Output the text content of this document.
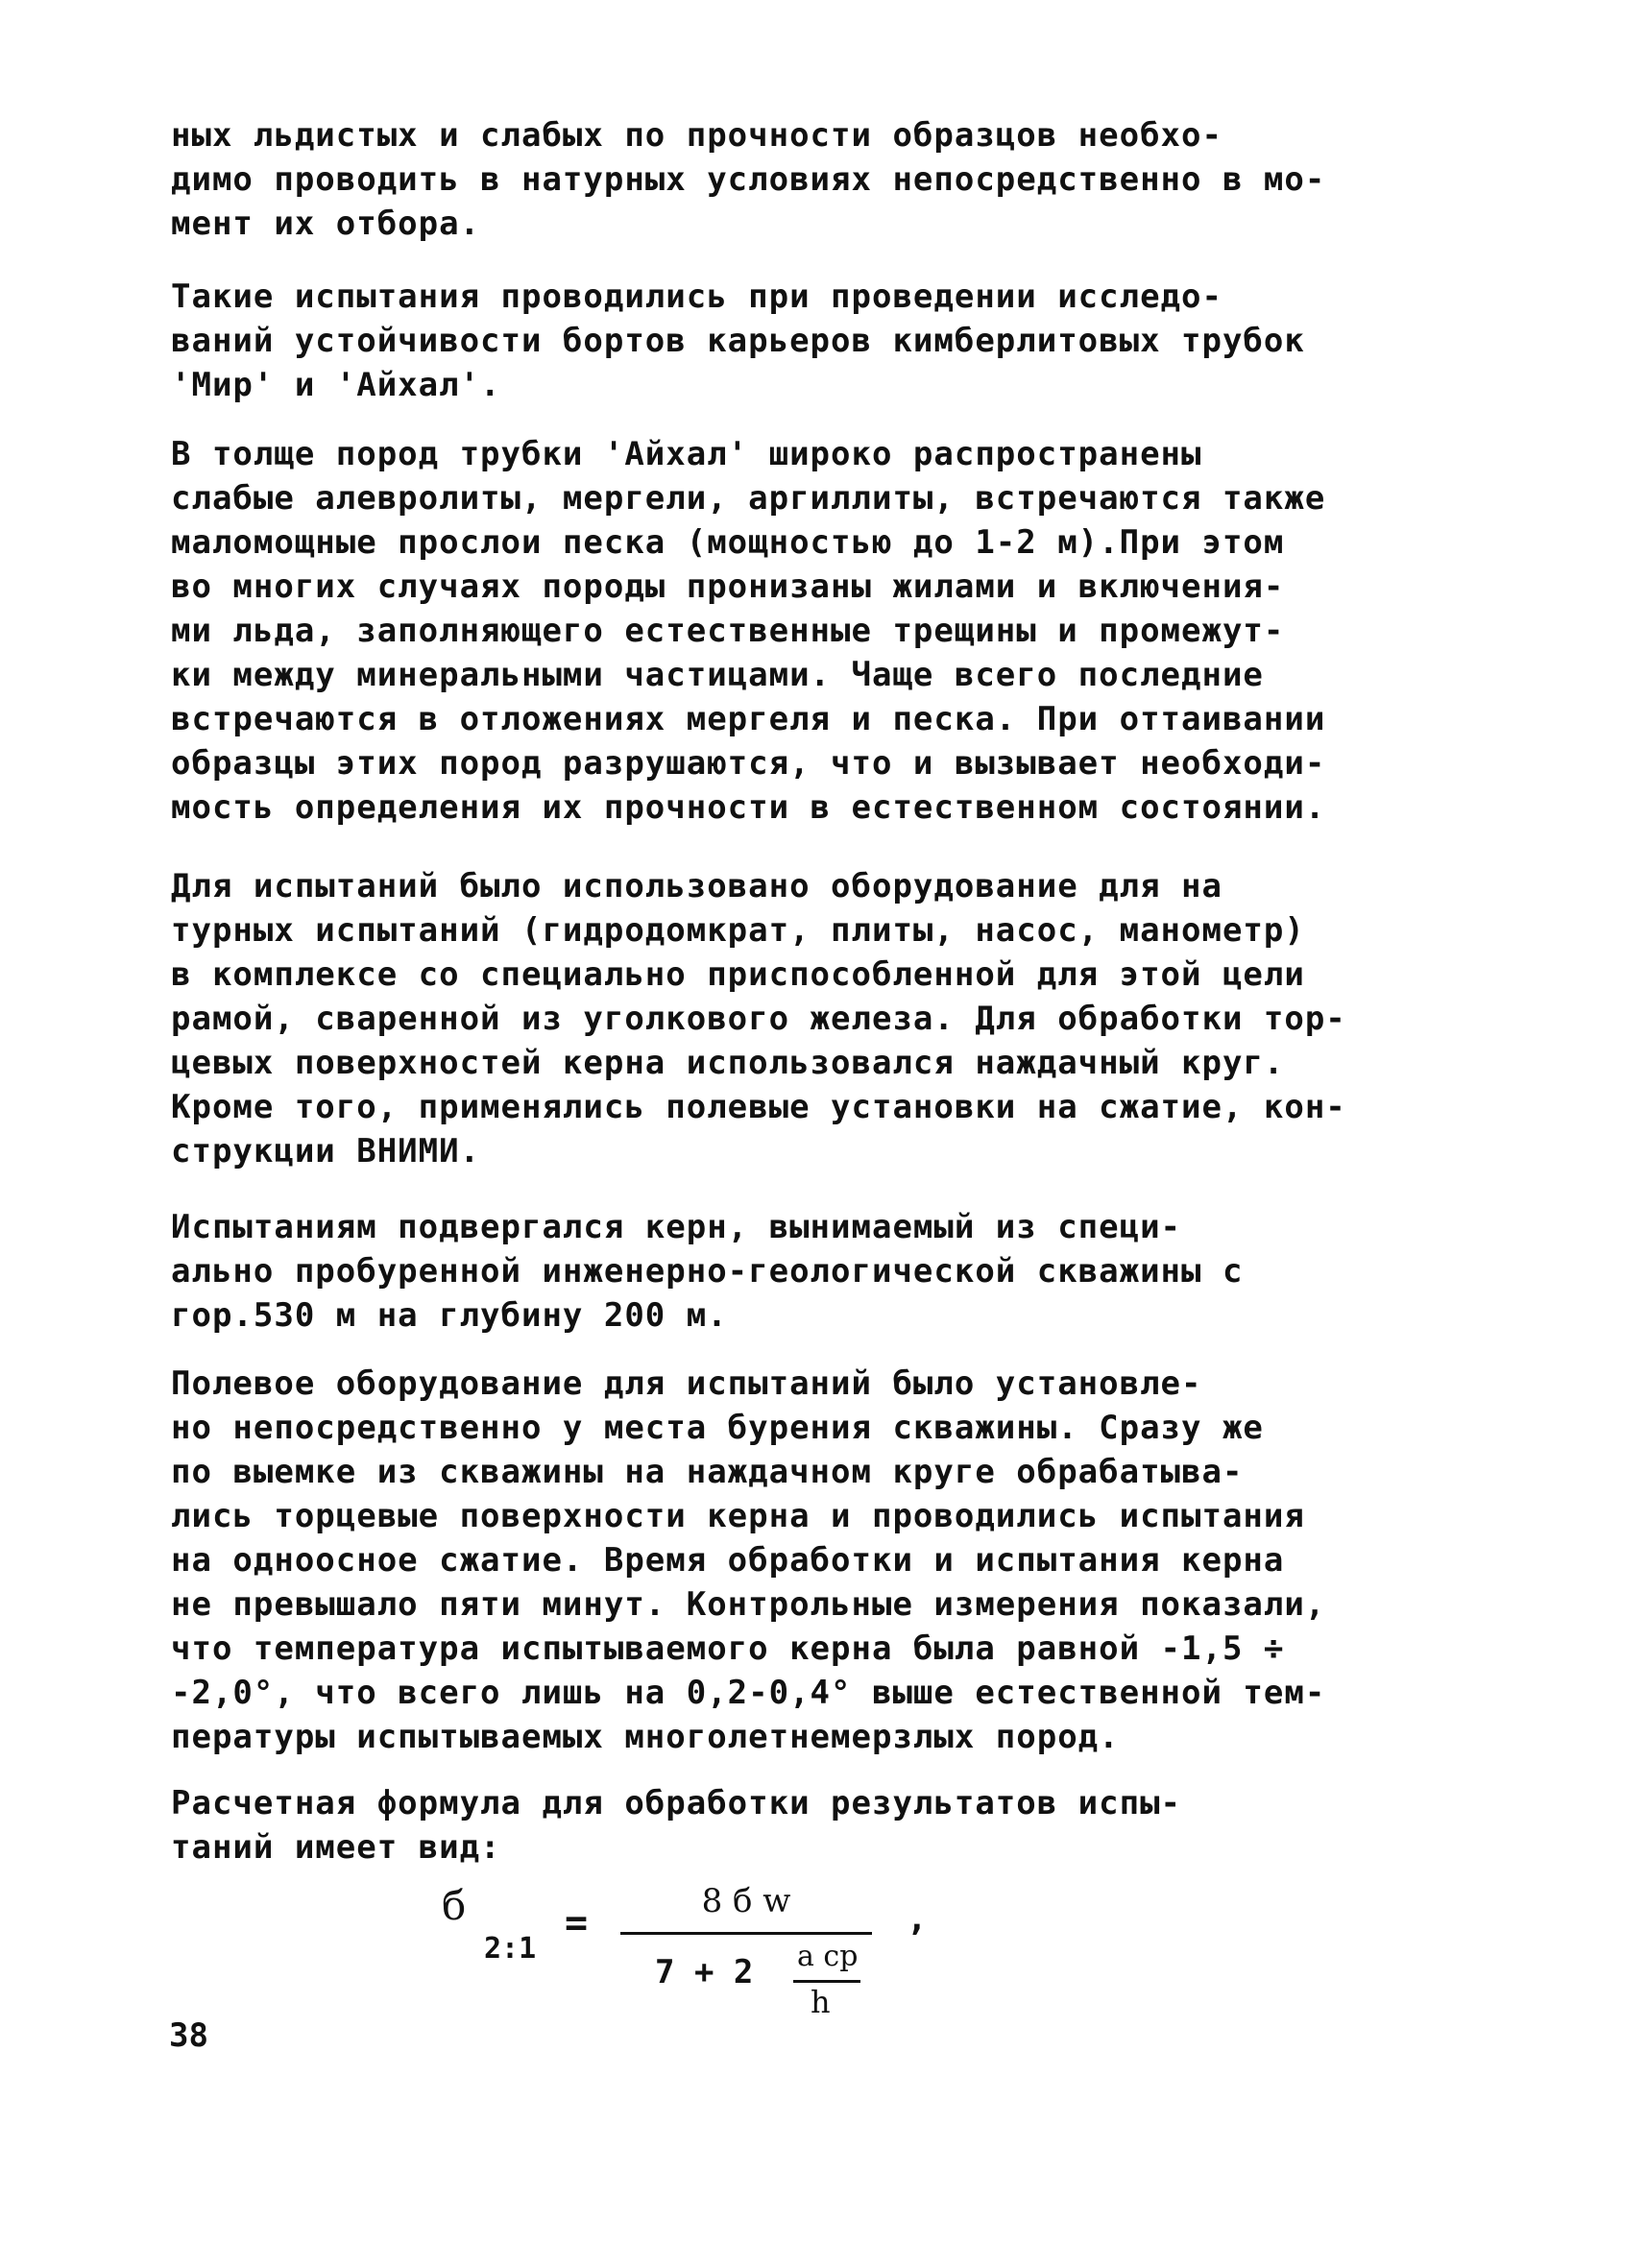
ных льдистых и слабых по прочности образцов необхо-
димо проводить в натурных условиях непосредственно в мо-
мент их отбора.

Такие испытания проводились при проведении исследо-
ваний устойчивости бортов карьеров кимберлитовых трубок
'Мир' и 'Айхал'.

В толще пород трубки 'Айхал' широко распространены
слабые алевролиты, мергели, аргиллиты, встречаются также
маломощные прослои песка (мощностью до 1-2 м).При этом
во многих случаях породы пронизаны жилами и включения-
ми льда, заполняющего естественные трещины и промежут-
ки между минеральными частицами. Чаще всего последние
встречаются в отложениях мергеля и песка. При оттаивании
образцы этих пород разрушаются, что и вызывает необходи-
мость определения их прочности в естественном состоянии.

Для испытаний было использовано оборудование для на
турных испытаний (гидродомкрат, плиты, насос, манометр)
в комплексе со специально приспособленной для этой цели
рамой, сваренной из уголкового железа. Для обработки тор-
цевых поверхностей керна использовался наждачный круг.
Кроме того, применялись полевые установки на сжатие, кон-
струкции ВНИМИ.

Испытаниям подвергался керн, вынимаемый из специ-
ально пробуренной инженерно-геологической скважины с
гор.530 м на глубину 200 м.

Полевое оборудование для испытаний было установле-
но непосредственно у места бурения скважины. Сразу же
по выемке из скважины на наждачном круге обрабатыва-
лись торцевые поверхности керна и проводились испытания
на одноосное сжатие. Время обработки и испытания керна
не превышало пяти минут. Контрольные измерения показали,
что температура испытываемого керна была равной -1,5 ÷
-2,0°, что всего лишь на 0,2-0,4° выше естественной тем-
пературы испытываемых многолетнемерзлых пород.

Расчетная формула для обработки результатов испы-
таний имеет вид:

б
2:1
=	8 б w
7 + 2 a ср
h
,
38
